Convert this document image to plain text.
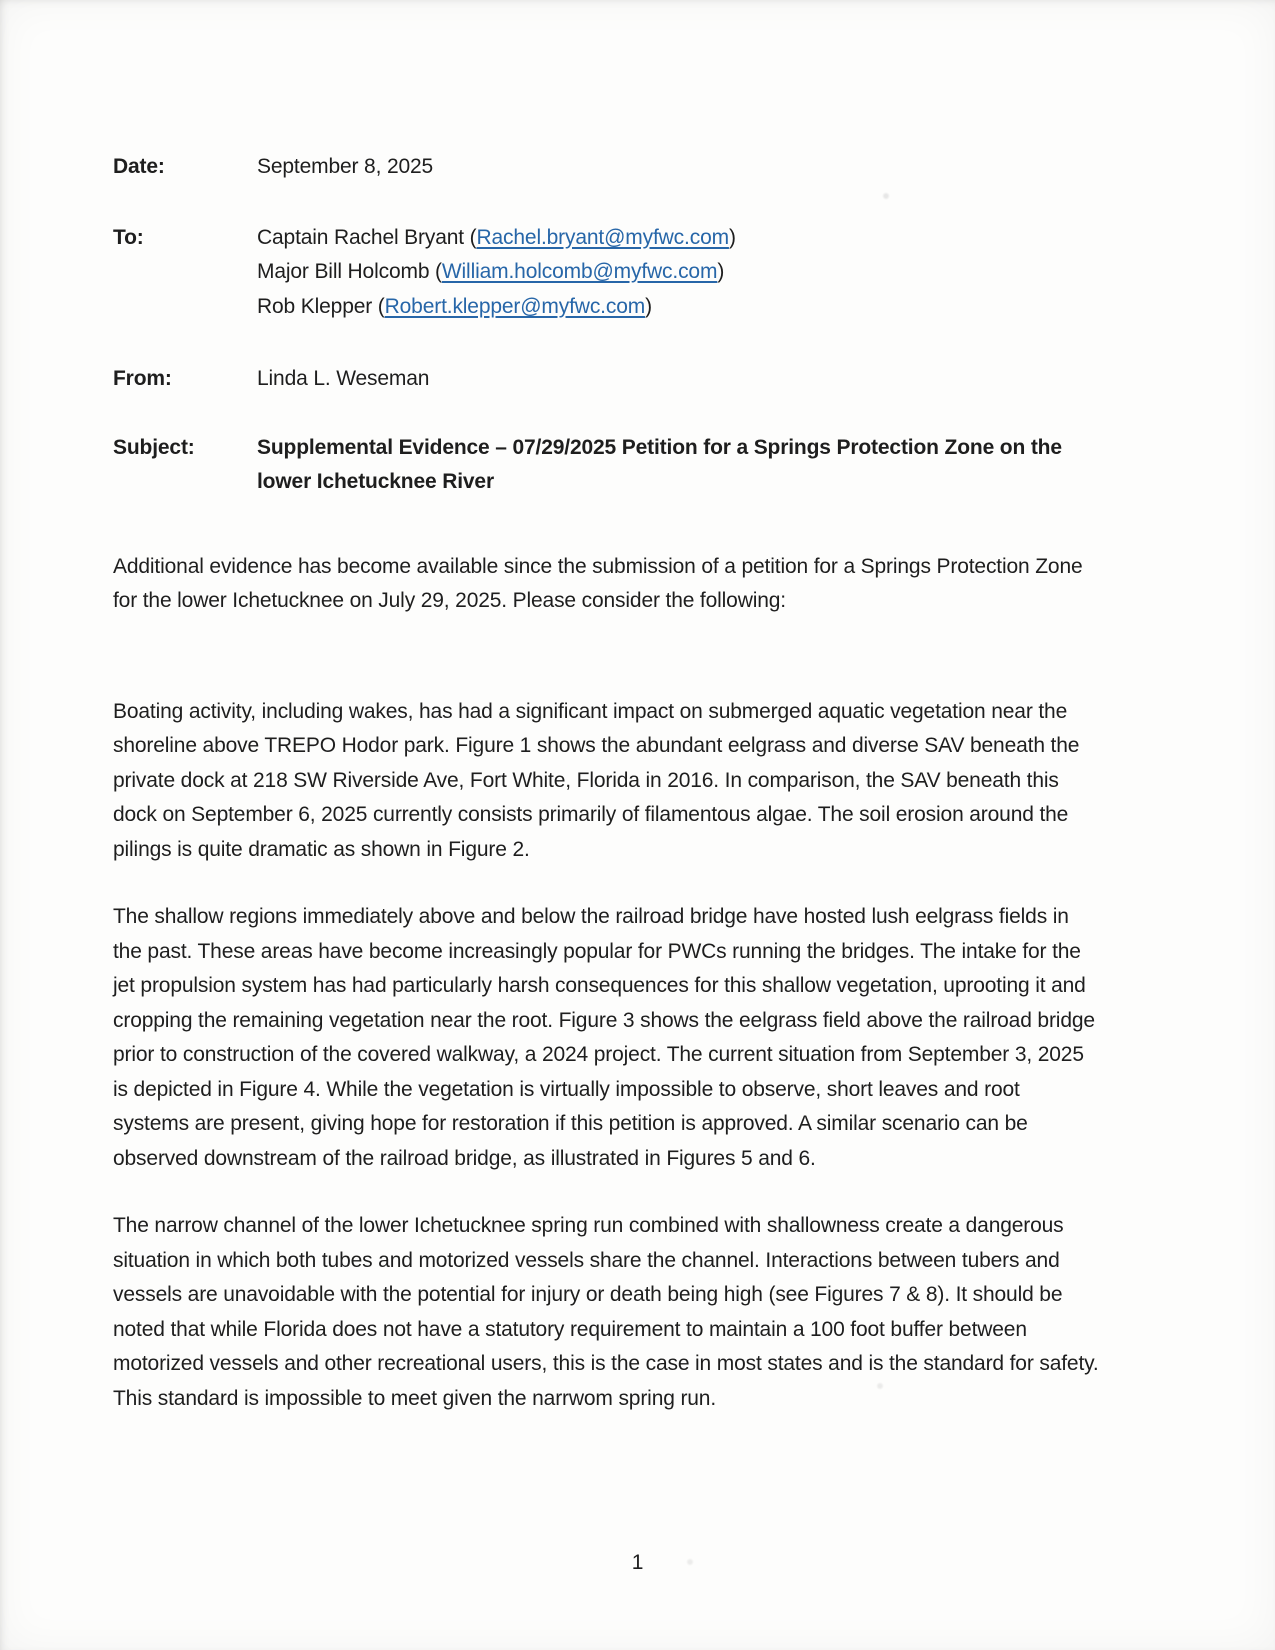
Date:	September 8, 2025
To:	Captain Rachel Bryant (Rachel.bryant@myfwc.com)
Major Bill Holcomb (William.holcomb@myfwc.com)
Rob Klepper (Robert.klepper@myfwc.com)
From:	Linda L. Weseman
Subject:	Supplemental Evidence – 07/29/2025 Petition for a Springs Protection Zone on the lower Ichetucknee River

Additional evidence has become available since the submission of a petition for a Springs Protection Zone for the lower Ichetucknee on July 29, 2025. Please consider the following:

Boating activity, including wakes, has had a significant impact on submerged aquatic vegetation near the shoreline above TREPO Hodor park. Figure 1 shows the abundant eelgrass and diverse SAV beneath the private dock at 218 SW Riverside Ave, Fort White, Florida in 2016. In comparison, the SAV beneath this dock on September 6, 2025 currently consists primarily of filamentous algae. The soil erosion around the pilings is quite dramatic as shown in Figure 2.

The shallow regions immediately above and below the railroad bridge have hosted lush eelgrass fields in the past. These areas have become increasingly popular for PWCs running the bridges. The intake for the jet propulsion system has had particularly harsh consequences for this shallow vegetation, uprooting it and cropping the remaining vegetation near the root. Figure 3 shows the eelgrass field above the railroad bridge prior to construction of the covered walkway, a 2024 project. The current situation from September 3, 2025 is depicted in Figure 4. While the vegetation is virtually impossible to observe, short leaves and root systems are present, giving hope for restoration if this petition is approved. A similar scenario can be observed downstream of the railroad bridge, as illustrated in Figures 5 and 6.

The narrow channel of the lower Ichetucknee spring run combined with shallowness create a dangerous situation in which both tubes and motorized vessels share the channel. Interactions between tubers and vessels are unavoidable with the potential for injury or death being high (see Figures 7 & 8). It should be noted that while Florida does not have a statutory requirement to maintain a 100 foot buffer between motorized vessels and other recreational users, this is the case in most states and is the standard for safety. This standard is impossible to meet given the narrwom spring run.

1
